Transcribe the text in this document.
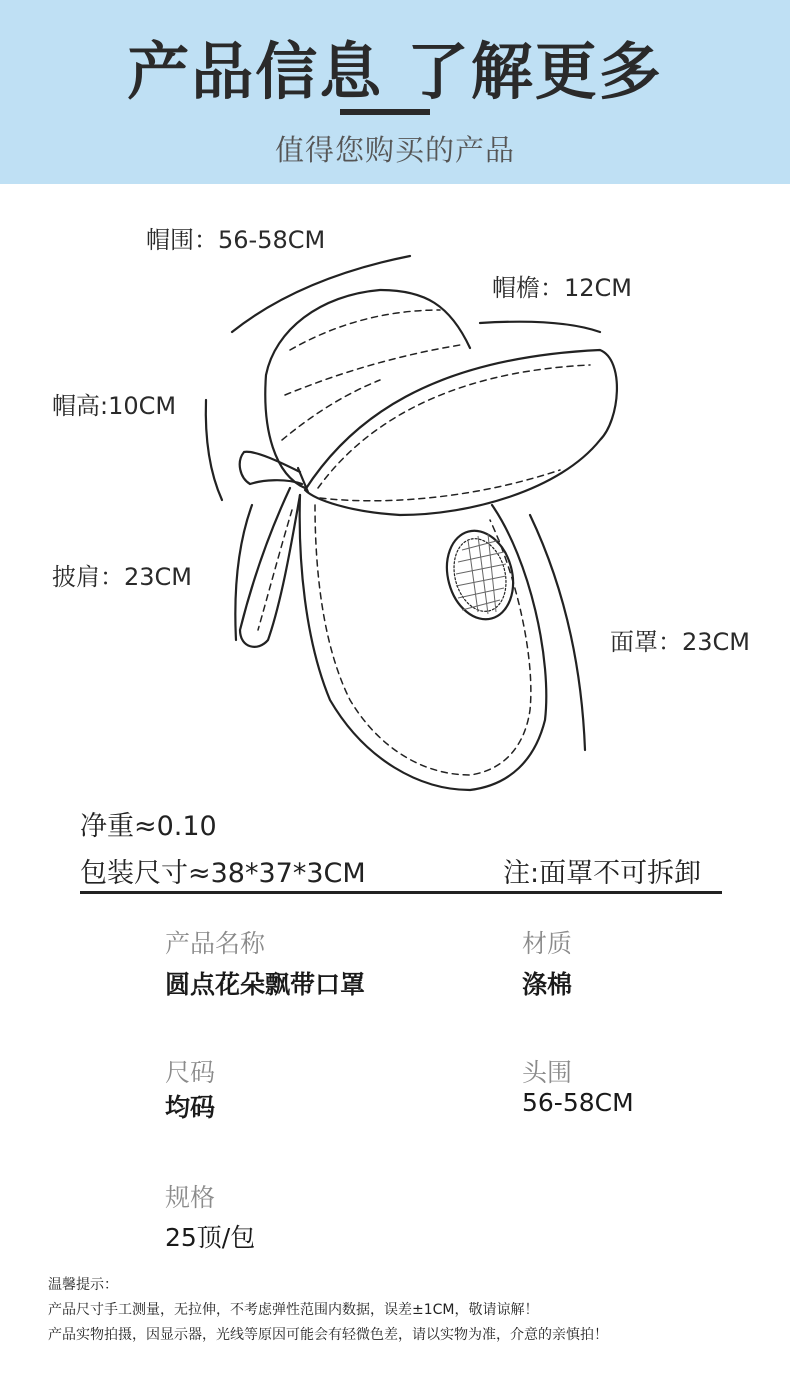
产品信息 了解更多
值得您购买的产品
帽围：56-58CM
帽檐：12CM
帽高:10CM
披肩：23CM
面罩：23CM
净重≈0.10
包装尺寸≈38*37*3CM	注:面罩不可拆卸
产品名称
圆点花朵飘带口罩
材质
涤棉
尺码
均码
头围
56-58CM
规格
25顶/包
温馨提示：
产品尺寸手工测量，无拉伸，不考虑弹性范围内数据，误差±1CM，敬请谅解！
产品实物拍摄，因显示器，光线等原因可能会有轻微色差，请以实物为准，介意的亲慎拍！
